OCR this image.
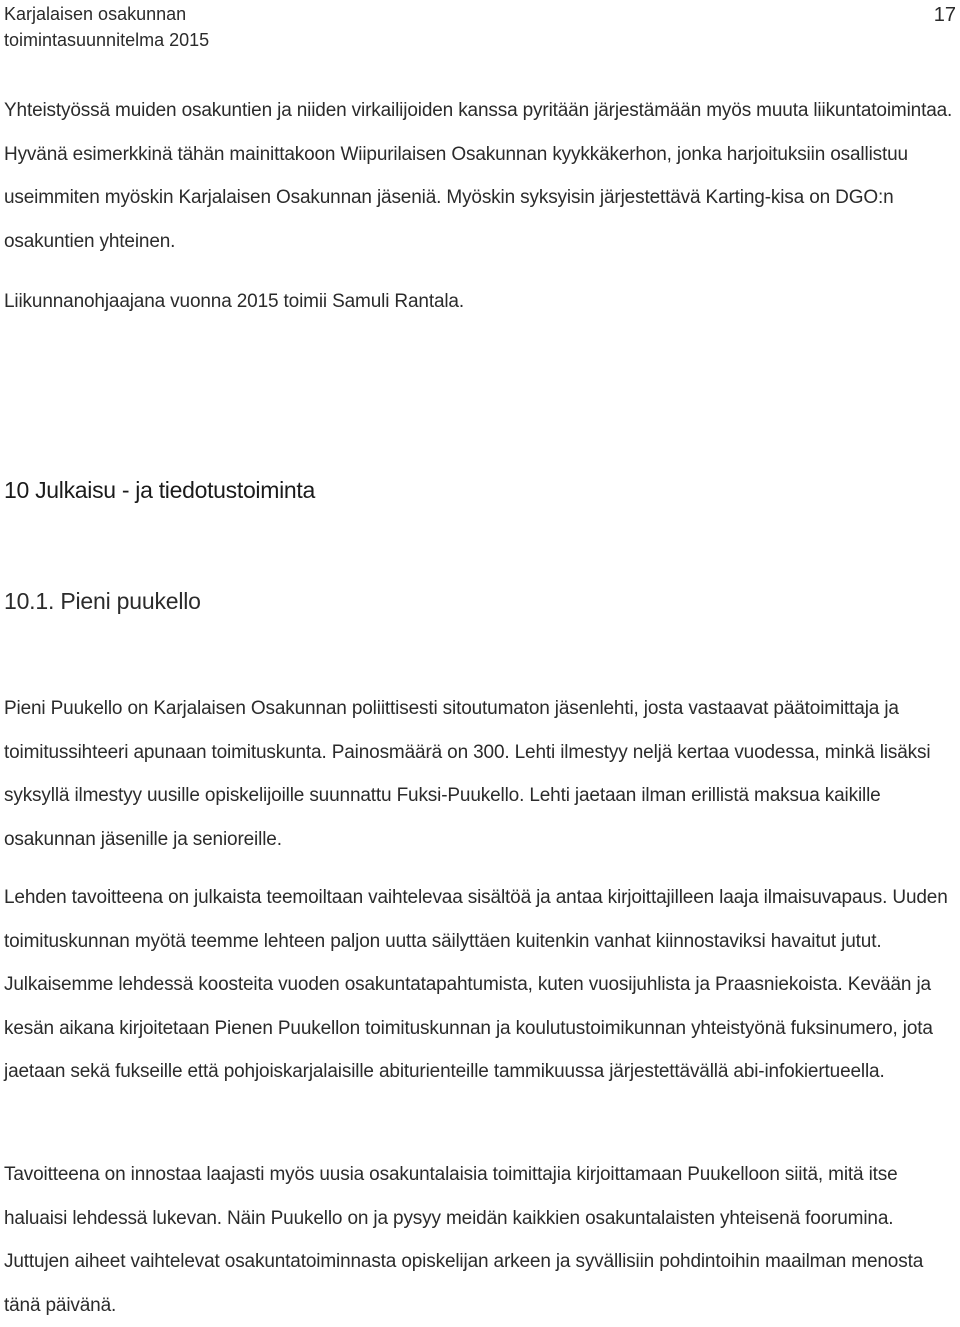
Karjalaisen osakunnan
toimintasuunnitelma 2015
17

Yhteistyössä muiden osakuntien ja niiden virkailijoiden kanssa pyritään järjestämään myös muuta liikuntatoimintaa. Hyvänä esimerkkinä tähän mainittakoon Wiipurilaisen Osakunnan kyykkäkerhon, jonka harjoituksiin osallistuu useimmiten myöskin Karjalaisen Osakunnan jäseniä. Myöskin syksyisin järjestettävä Karting-kisa on DGO:n osakuntien yhteinen.

Liikunnanohjaajana vuonna 2015 toimii Samuli Rantala.

10 Julkaisu - ja tiedotustoiminta
10.1. Pieni puukello

Pieni Puukello on Karjalaisen Osakunnan poliittisesti sitoutumaton jäsenlehti, josta vastaavat päätoimittaja ja toimitussihteeri apunaan toimituskunta. Painosmäärä on 300. Lehti ilmestyy neljä kertaa vuodessa, minkä lisäksi syksyllä ilmestyy uusille opiskelijoille suunnattu Fuksi-Puukello. Lehti jaetaan ilman erillistä maksua kaikille osakunnan jäsenille ja senioreille.

Lehden tavoitteena on julkaista teemoiltaan vaihtelevaa sisältöä ja antaa kirjoittajilleen laaja ilmaisuvapaus. Uuden toimituskunnan myötä teemme lehteen paljon uutta säilyttäen kuitenkin vanhat kiinnostaviksi havaitut jutut. Julkaisemme lehdessä koosteita vuoden osakuntatapahtumista, kuten vuosijuhlista ja Praasniekoista. Kevään ja kesän aikana kirjoitetaan Pienen Puukellon toimituskunnan ja koulutustoimikunnan yhteistyönä fuksinumero, jota jaetaan sekä fukseille että pohjoiskarjalaisille abiturienteille tammikuussa järjestettävällä abi-infokiertueella.

Tavoitteena on innostaa laajasti myös uusia osakuntalaisia toimittajia kirjoittamaan Puukelloon siitä, mitä itse haluaisi lehdessä lukevan. Näin Puukello on ja pysyy meidän kaikkien osakuntalaisten yhteisenä foorumina. Juttujen aiheet vaihtelevat osakuntatoiminnasta opiskelijan arkeen ja syvällisiin pohdintoihin maailman menosta tänä päivänä.
